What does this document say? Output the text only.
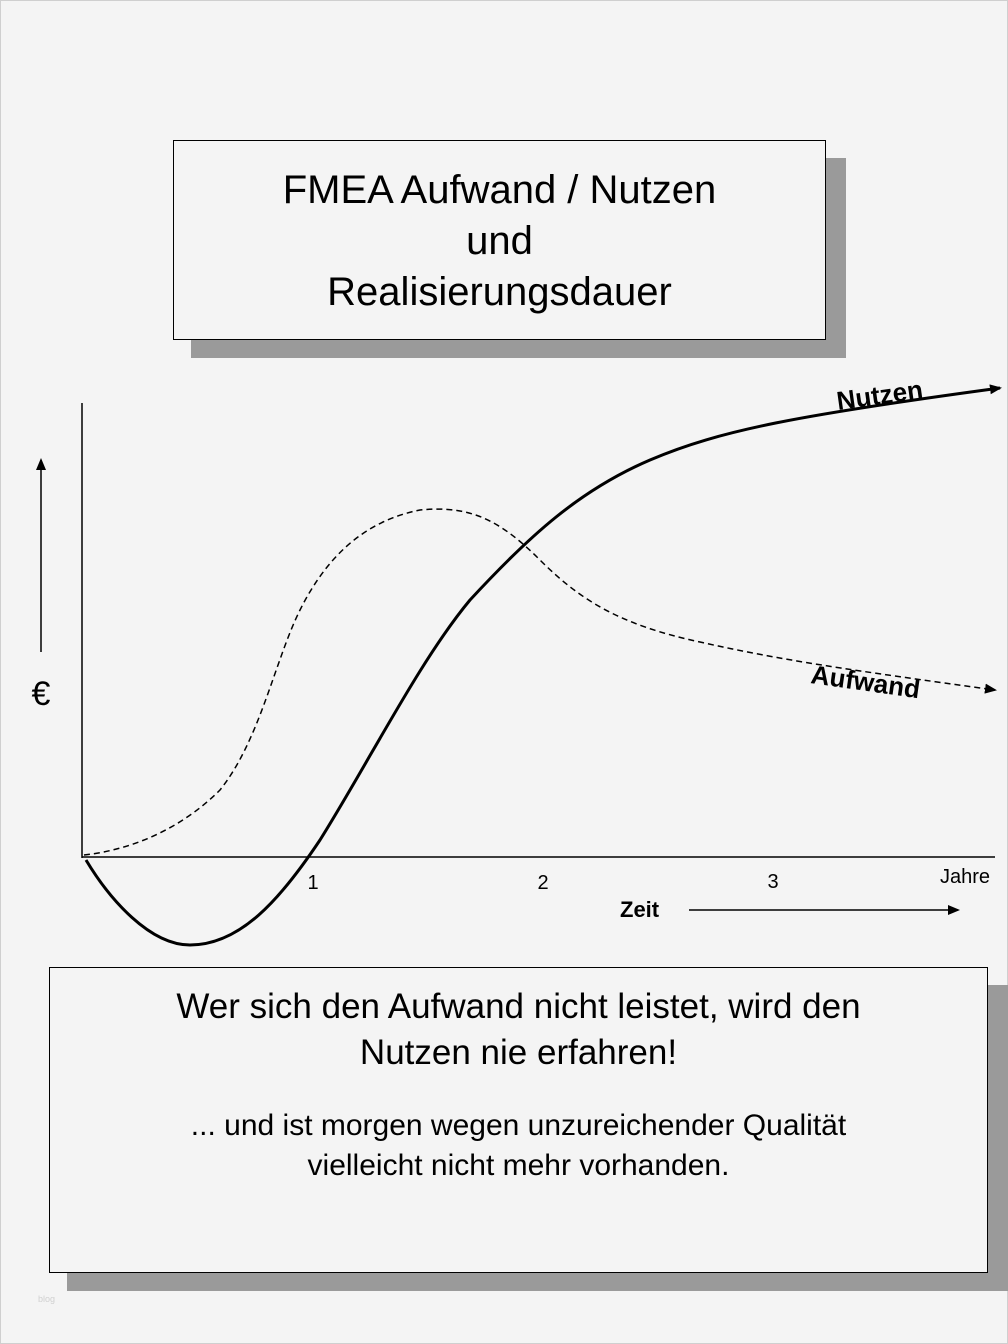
FMEA Aufwand / Nutzen
und
Realisierungsdauer
€
1	2	3	Jahre
Zeit
Nutzen
Aufwand
Wer sich den Aufwand nicht leistet, wird den
Nutzen nie erfahren!
... und ist morgen wegen unzureichender Qualität
vielleicht nicht mehr vorhanden.
blog
